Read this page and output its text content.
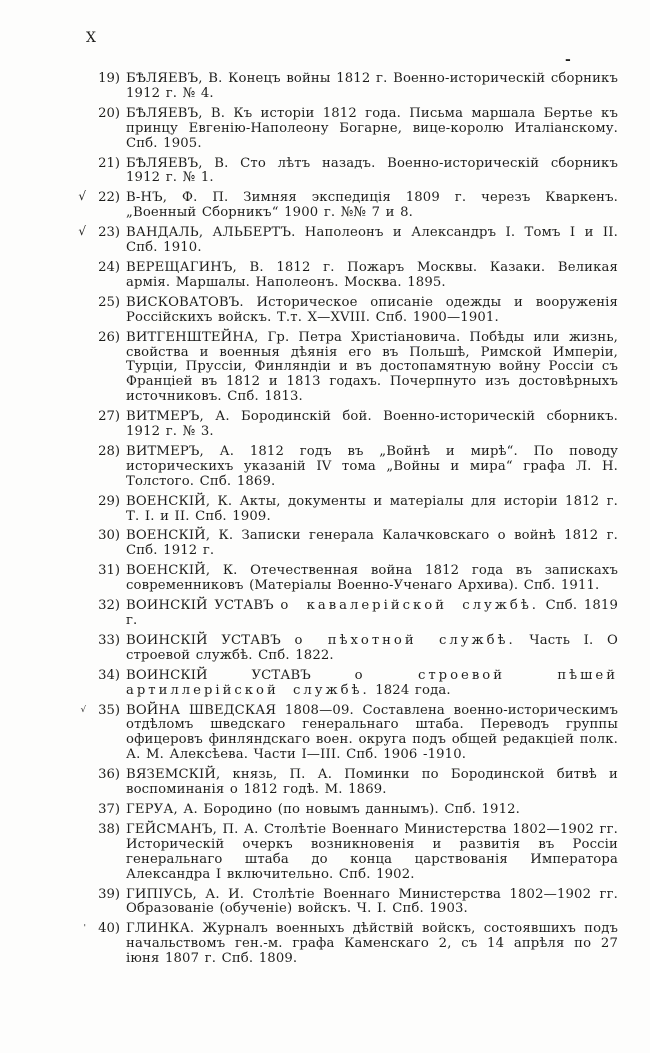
X
-
19) БѢЛЯЕВЪ, В. Конецъ войны 1812 г. Военно-историческій сборникъ 1912 г. № 4.
20) БѢЛЯЕВЪ, В. Къ исторіи 1812 года. Письма маршала Бертье къ принцу Евгенію-Наполеону Богарне, вице-королю Италіанскому. Спб. 1905.
21) БѢЛЯЕВЪ, В. Сто лѣтъ назадъ. Военно-историческій сборникъ 1912 г. № 1.
√ 22) В-НЪ, Ф. П. Зимняя экспедиція 1809 г. черезъ Кваркенъ. „Военный Сборникъ“ 1900 г. №№ 7 и 8.
√ 23) ВАНДАЛЬ, АЛЬБЕРТЪ. Наполеонъ и Александръ I. Томъ I и II. Спб. 1910.
24) ВЕРЕЩАГИНЪ, В. 1812 г. Пожаръ Москвы. Казаки. Великая армія. Маршалы. Наполеонъ. Москва. 1895.
25) ВИСКОВАТОВЪ. Историческое описаніе одежды и вооруженія Россійскихъ войскъ. Т.т. X—XVIII. Спб. 1900—1901.
26) ВИТГЕНШТЕЙНА, Гр. Петра Христіановича. Побѣды или жизнь, свойства и военныя дѣянія его въ Польшѣ, Римской Имперіи, Турціи, Пруссіи, Финляндіи и въ достопамятную войну Россіи съ Франціей въ 1812 и 1813 годахъ. Почерпнуто изъ достовѣрныхъ источниковъ. Спб. 1813.
27) ВИТМЕРЪ, А. Бородинскій бой. Военно-историческій сборникъ. 1912 г. № 3.
28) ВИТМЕРЪ, А. 1812 годъ въ „Войнѣ и мирѣ“. По поводу историческихъ указаній IV тома „Войны и мира“ графа Л. Н. Толстого. Спб. 1869.
29) ВОЕНСКІЙ, К. Акты, документы и матеріалы для исторіи 1812 г. Т. I. и II. Спб. 1909.
30) ВОЕНСКІЙ, К. Записки генерала Калачковскаго о войнѣ 1812 г. Спб. 1912 г.
31) ВОЕНСКІЙ, К. Отечественная война 1812 года въ запискахъ современниковъ (Матеріалы Военно-Ученаго Архива). Спб. 1911.
32) ВОИНСКІЙ УСТАВЪ о кавалерійской службѣ. Спб. 1819 г.
33) ВОИНСКІЙ УСТАВЪ о пѣхотной службѣ. Часть I. О строевой службѣ. Спб. 1822.
34) ВОИНСКІЙ УСТАВЪ о строевой пѣшей артиллерійской службѣ. 1824 года.
√ 35) ВОЙНА ШВЕДСКАЯ 1808—09. Составлена военно-историческимъ отдѣломъ шведскаго генеральнаго штаба. Переводъ группы офицеровъ финляндскаго воен. округа подъ общей редакціей полк. А. М. Алексѣева. Части I—III. Спб. 1906 -1910.
36) ВЯЗЕМСКІЙ, князь, П. А. Поминки по Бородинской битвѣ и воспоминанія о 1812 годѣ. М. 1869.
37) ГЕРУА, А. Бородино (по новымъ даннымъ). Спб. 1912.
38) ГЕЙСМАНЪ, П. А. Столѣтіе Военнаго Министерства 1802—1902 гг. Историческій очеркъ возникновенія и развитія въ Россіи генеральнаго штаба до конца царствованія Императора Александра I включительно. Спб. 1902.
39) ГИПІУСЬ, А. И. Столѣтіе Военнаго Министерства 1802—1902 гг. Образованіе (обученіе) войскъ. Ч. I. Спб. 1903.
' 40) ГЛИНКА. Журналъ военныхъ дѣйствій войскъ, состоявшихъ подъ начальствомъ ген.-м. графа Каменскаго 2, съ 14 апрѣля по 27 іюня 1807 г. Спб. 1809.
